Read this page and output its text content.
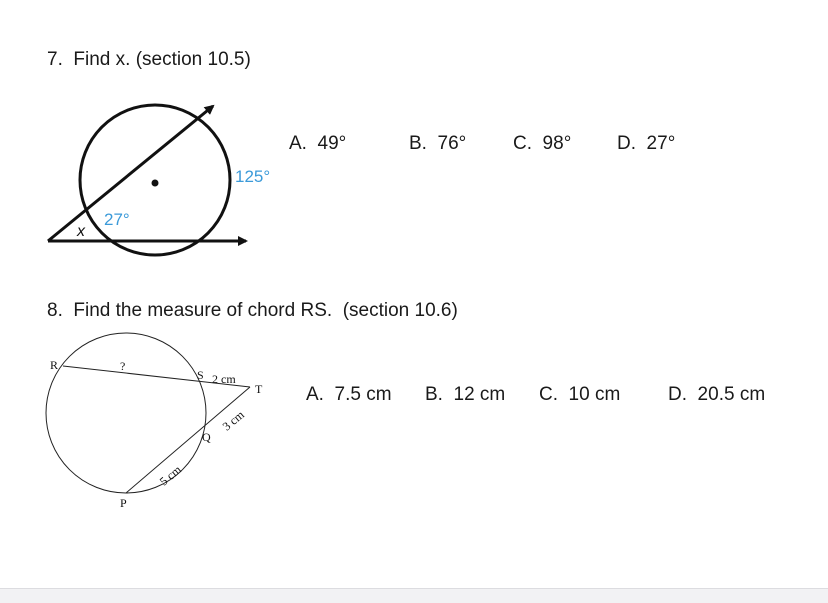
7.  Find x. (section 10.5)
125°
27°
x
A.  49°	B.  76° C.  98° D.  27°
8.  Find the measure of chord RS.  (section 10.6)
R	?
S 2 cm
T
3 cm
Q
5 cm
P
A.  7.5 cm B.  12 cm C.  10 cm	D.  20.5 cm
